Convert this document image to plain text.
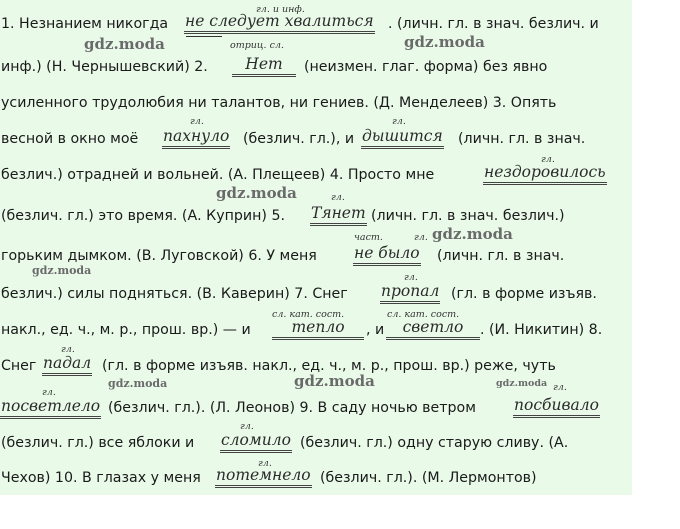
1. Незнанием никогда
гл. и инф.
не следует хвалиться
отриц. сл.
. (личн. гл. в знач. безлич. и
инф.) (Н. Чернышевский) 2.	Нет	(неизмен. глаг. форма) без явно
усиленного трудолюбия ни талантов, ни гениев. (Д. Менделеев) 3. Опять
весной в окно моё
гл.
пахнуло (безлич. гл.), и
гл.
дышится (личн. гл. в знач.
безлич.) отрадней и вольней. (А. Плещеев) 4. Просто мне
гл.
нездоровилось
(безлич. гл.) это время. (А. Куприн) 5.
гл.
Тянет (личн. гл. в знач. безлич.)
горьким дымком. (В. Луговской) 6. У меня
част.	гл.
не было (личн. гл. в знач.
безлич.) силы подняться. (В. Каверин) 7. Снег
гл.
пропал (гл. в форме изъяв.
накл., ед. ч., м. р., прош. вр.) — и
сл. кат. сост.
тепло	, и
сл. кат. сост.
светло	. (И. Никитин) 8.
Снег
гл.
падал (гл. в форме изъяв. накл., ед. ч., м. р., прош. вр.) реже, чуть
гл.
посветлело (безлич. гл.). (Л. Леонов) 9. В саду ночью ветром
гл.
посбивало
(безлич. гл.) все яблоки и
гл.
сломило (безлич. гл.) одну старую сливу. (А.
Чехов) 10. В глазах у меня
гл.
потемнело (безлич. гл.). (М. Лермонтов)
gdz.moda	gdz.moda
gdz.moda
gdz.moda
gdz.moda
gdz.moda
gdz.moda	gdz.moda
